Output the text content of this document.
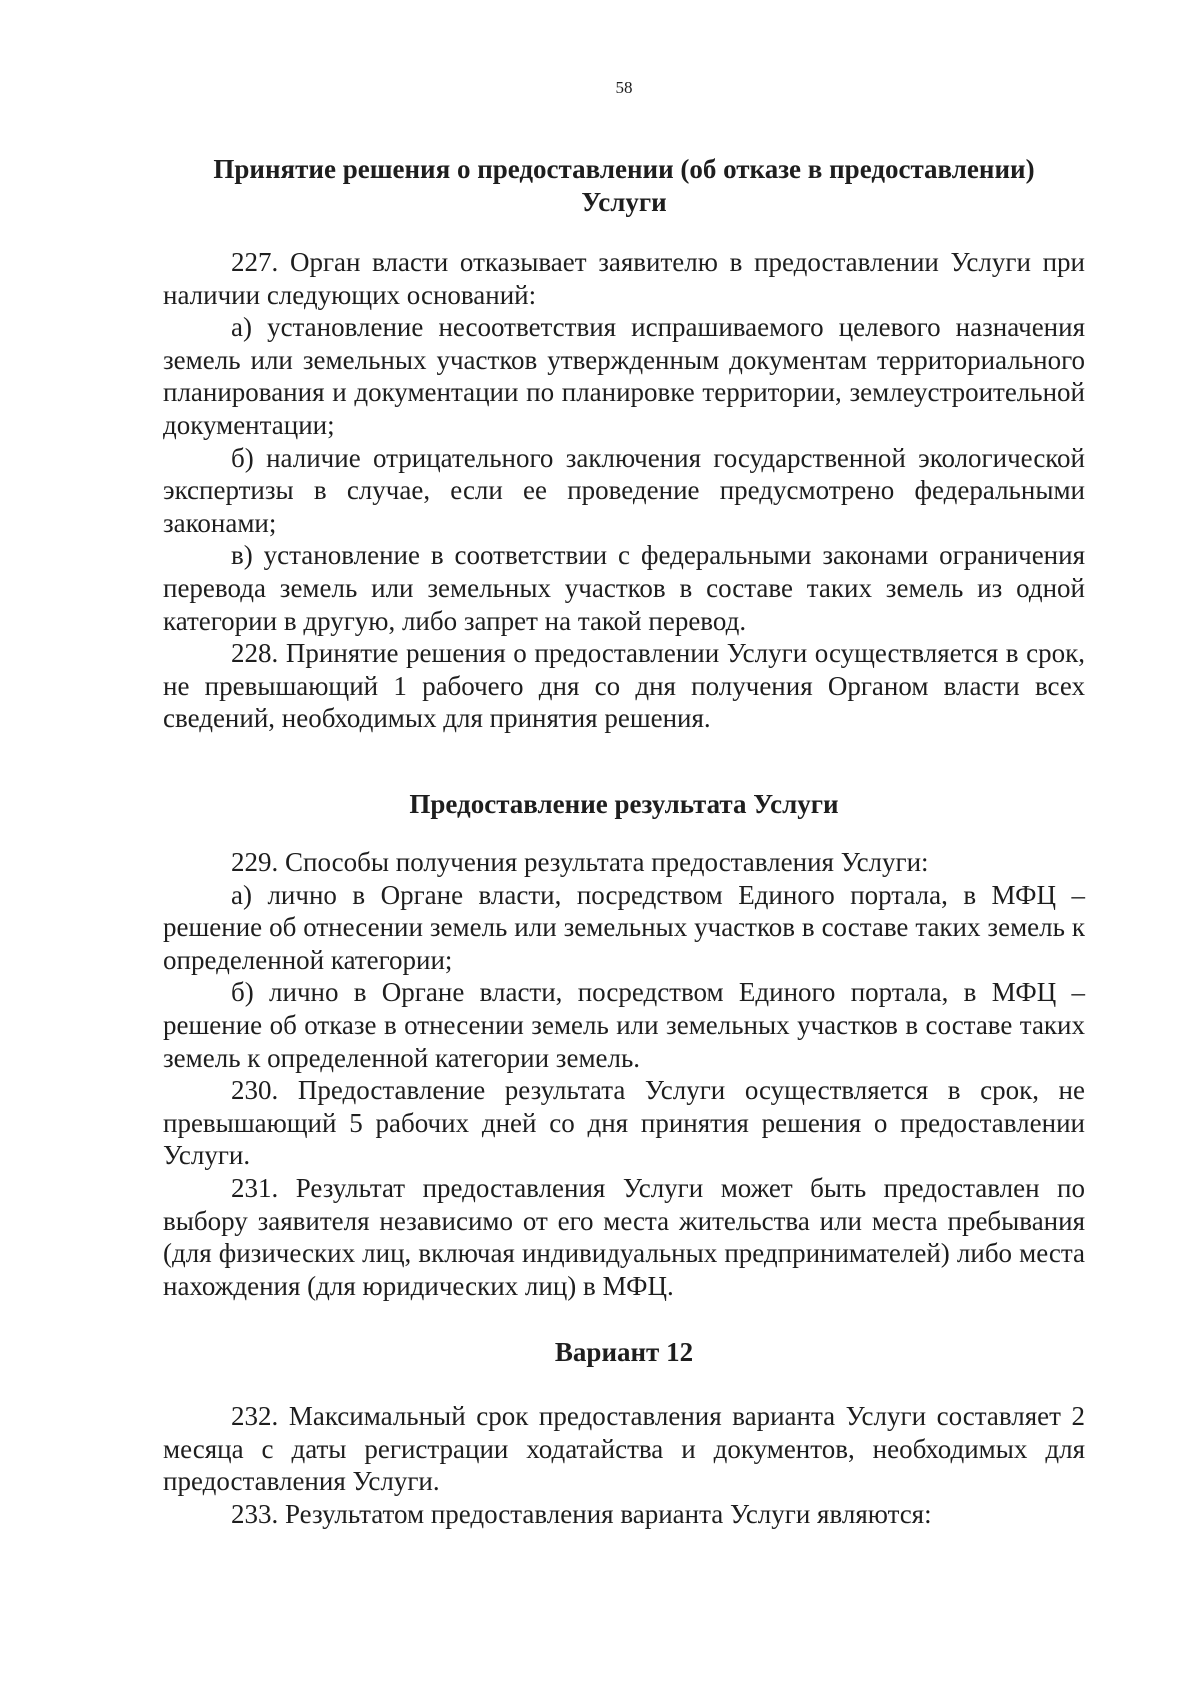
58

Принятие решения о предоставлении (об отказе в предоставлении)

Услуги

227. Орган власти отказывает заявителю в предоставлении Услуги при наличии следующих оснований:

а) установление несоответствия испрашиваемого целевого назначения земель или земельных участков утвержденным документам территориального планирования и документации по планировке территории, землеустроительной документации;

б) наличие отрицательного заключения государственной экологической экспертизы в случае, если ее проведение предусмотрено федеральными законами;

в) установление в соответствии с федеральными законами ограничения перевода земель или земельных участков в составе таких земель из одной категории в другую, либо запрет на такой перевод.

228. Принятие решения о предоставлении Услуги осуществляется в срок, не превышающий 1 рабочего дня со дня получения Органом власти всех сведений, необходимых для принятия решения.

Предоставление результата Услуги

229. Способы получения результата предоставления Услуги:

а) лично в Органе власти, посредством Единого портала, в МФЦ – решение об отнесении земель или земельных участков в составе таких земель к определенной категории;

б) лично в Органе власти, посредством Единого портала, в МФЦ – решение об отказе в отнесении земель или земельных участков в составе таких земель к определенной категории земель.

230. Предоставление результата Услуги осуществляется в срок, не превышающий 5 рабочих дней со дня принятия решения о предоставлении Услуги.

231. Результат предоставления Услуги может быть предоставлен по выбору заявителя независимо от его места жительства или места пребывания (для физических лиц, включая индивидуальных предпринимателей) либо места нахождения (для юридических лиц) в МФЦ.

Вариант 12

232. Максимальный срок предоставления варианта Услуги составляет 2 месяца с даты регистрации ходатайства и документов, необходимых для предоставления Услуги.

233. Результатом предоставления варианта Услуги являются:
